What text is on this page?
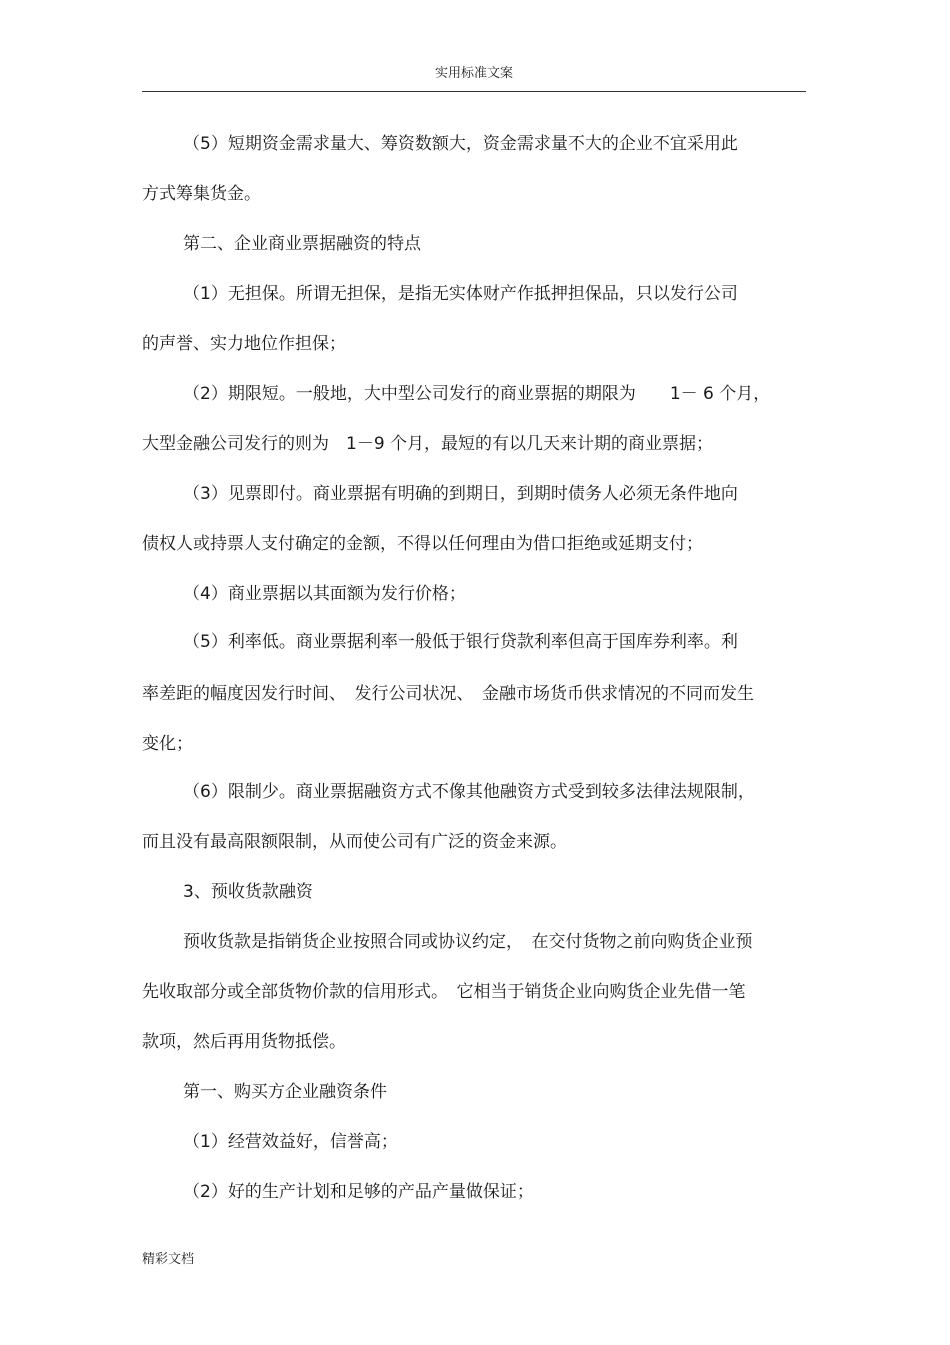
实用标准文案
（5）短期资金需求量大、筹资数额大，资金需求量不大的企业不宜采用此
方式筹集货金。
第二、企业商业票据融资的特点
（1）无担保。所谓无担保，是指无实体财产作抵押担保品，只以发行公司
的声誉、实力地位作担保；
（2）期限短。一般地，大中型公司发行的商业票据的期限为　　1－ 6 个月，
大型金融公司发行的则为　1－9 个月，最短的有以几天来计期的商业票据；
（3）见票即付。商业票据有明确的到期日，到期时债务人必须无条件地向
债权人或持票人支付确定的金额，不得以任何理由为借口拒绝或延期支付；
（4）商业票据以其面额为发行价格；
（5）利率低。商业票据利率一般低于银行贷款利率但高于国库券利率。利
率差距的幅度因发行时间、　发行公司状况、　金融市场货币供求情况的不同而发生
变化；
（6）限制少。商业票据融资方式不像其他融资方式受到较多法律法规限制，
而且没有最高限额限制，从而使公司有广泛的资金来源。
3、预收货款融资
预收货款是指销货企业按照合同或协议约定，　在交付货物之前向购货企业预
先收取部分或全部货物价款的信用形式。　它相当于销货企业向购货企业先借一笔
款项，然后再用货物抵偿。
第一、购买方企业融资条件
（1）经营效益好，信誉高；
（2）好的生产计划和足够的产品产量做保证；
精彩文档
